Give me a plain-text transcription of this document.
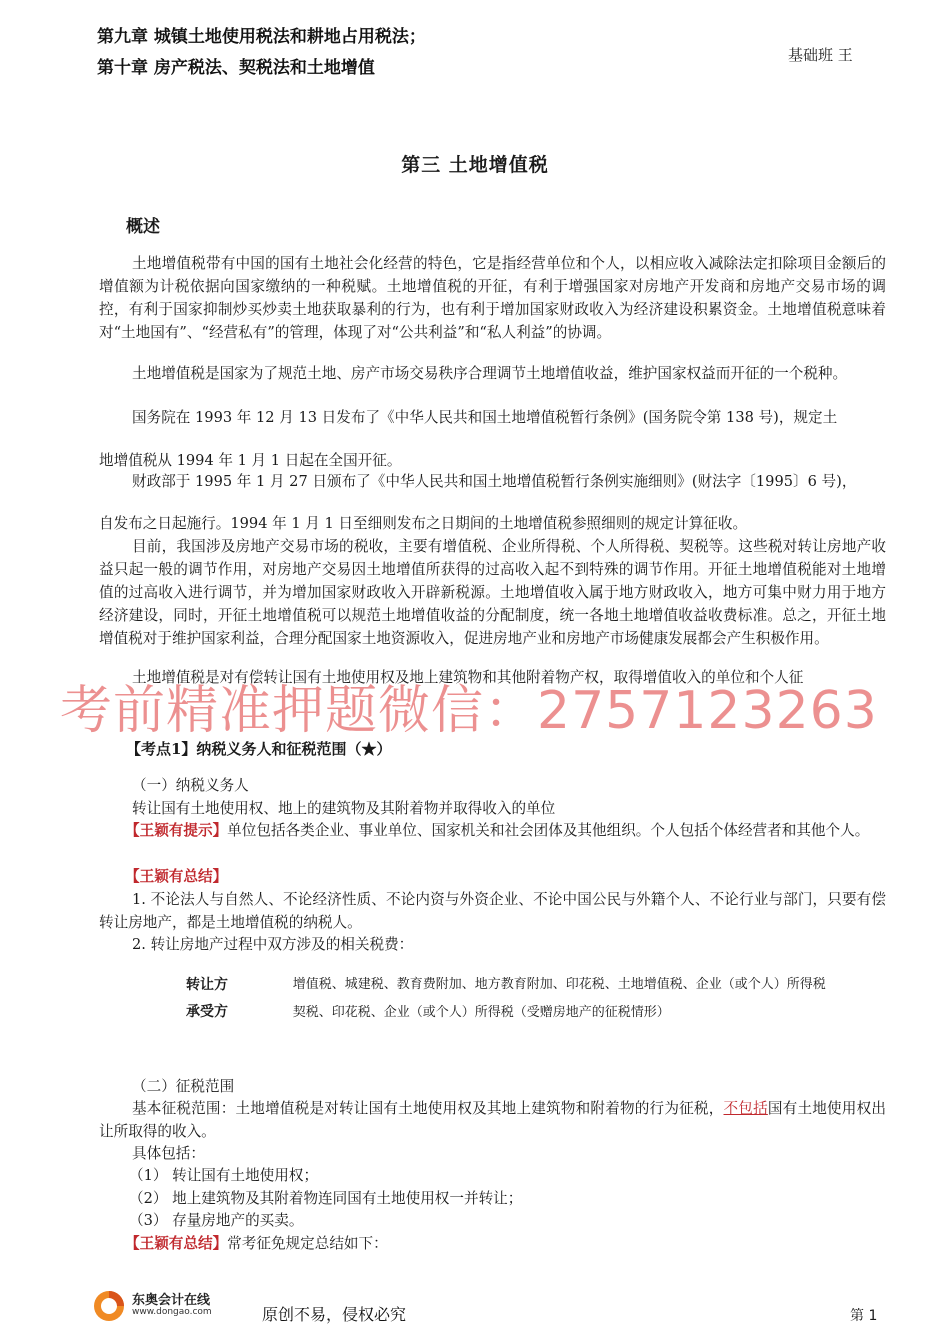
第九章 城镇土地使用税法和耕地占用税法；第十章 房产税法、契税法和土地增值
基础班 王
第三 土地增值税
概述
土地增值税带有中国的国有土地社会化经营的特色，它是指经营单位和个人，以相应收入减除法定扣除项目金额后的增值额为计税依据向国家缴纳的一种税赋。土地增值税的开征，有利于增强国家对房地产开发商和房地产交易市场的调控，有利于国家抑制炒买炒卖土地获取暴利的行为，也有利于增加国家财政收入为经济建设积累资金。土地增值税意味着对“土地国有”、“经营私有”的管理，体现了对“公共利益”和“私人利益”的协调。
土地增值税是国家为了规范土地、房产市场交易秩序合理调节土地增值收益，维护国家权益而开征的一个税种。
国务院在 1993 年 12 月 13 日发布了《中华人民共和国土地增值税暂行条例》(国务院令第 138 号)，规定土
地增值税从 1994 年 1 月 1 日起在全国开征。
财政部于 1995 年 1 月 27 日颁布了《中华人民共和国土地增值税暂行条例实施细则》(财法字〔1995〕6 号)，
自发布之日起施行。1994 年 1 月 1 日至细则发布之日期间的土地增值税参照细则的规定计算征收。
目前，我国涉及房地产交易市场的税收，主要有增值税、企业所得税、个人所得税、契税等。这些税对转让房地产收益只起一般的调节作用，对房地产交易因土地增值所获得的过高收入起不到特殊的调节作用。开征土地增值税能对土地增值的过高收入进行调节，并为增加国家财政收入开辟新税源。土地增值收入属于地方财政收入，地方可集中财力用于地方经济建设，同时，开征土地增值税可以规范土地增值收益的分配制度，统一各地土地增值收益收费标准。总之，开征土地增值税对于维护国家利益，合理分配国家土地资源收入，促进房地产业和房地产市场健康发展都会产生积极作用。
土地增值税是对有偿转让国有土地使用权及地上建筑物和其他附着物产权，取得增值收入的单位和个人征
【考点1】纳税义务人和征税范围（★）
考前精准押题微信：2757123263
（一）纳税义务人
转让国有土地使用权、地上的建筑物及其附着物并取得收入的单位
【王颖有提示】单位包括各类企业、事业单位、国家机关和社会团体及其他组织。个人包括个体经营者和其他个人。
【王颖有总结】
1. 不论法人与自然人、不论经济性质、不论内资与外资企业、不论中国公民与外籍个人、不论行业与部门，只要有偿转让房地产，都是土地增值税的纳税人。
2. 转让房地产过程中双方涉及的相关税费：
转让方	增值税、城建税、教育费附加、地方教育附加、印花税、土地增值税、企业（或个人）所得税
承受方	契税、印花税、企业（或个人）所得税（受赠房地产的征税情形）
（二）征税范围
基本征税范围：土地增值税是对转让国有土地使用权及其地上建筑物和附着物的行为征税，不包括国有土地使用权出让所取得的收入。
具体包括：
（1） 转让国有土地使用权；
（2） 地上建筑物及其附着物连同国有土地使用权一并转让；
（3） 存量房地产的买卖。
【王颖有总结】常考征免规定总结如下：
东奥会计在线
www.dongao.com	原创不易，侵权必究	第 1
